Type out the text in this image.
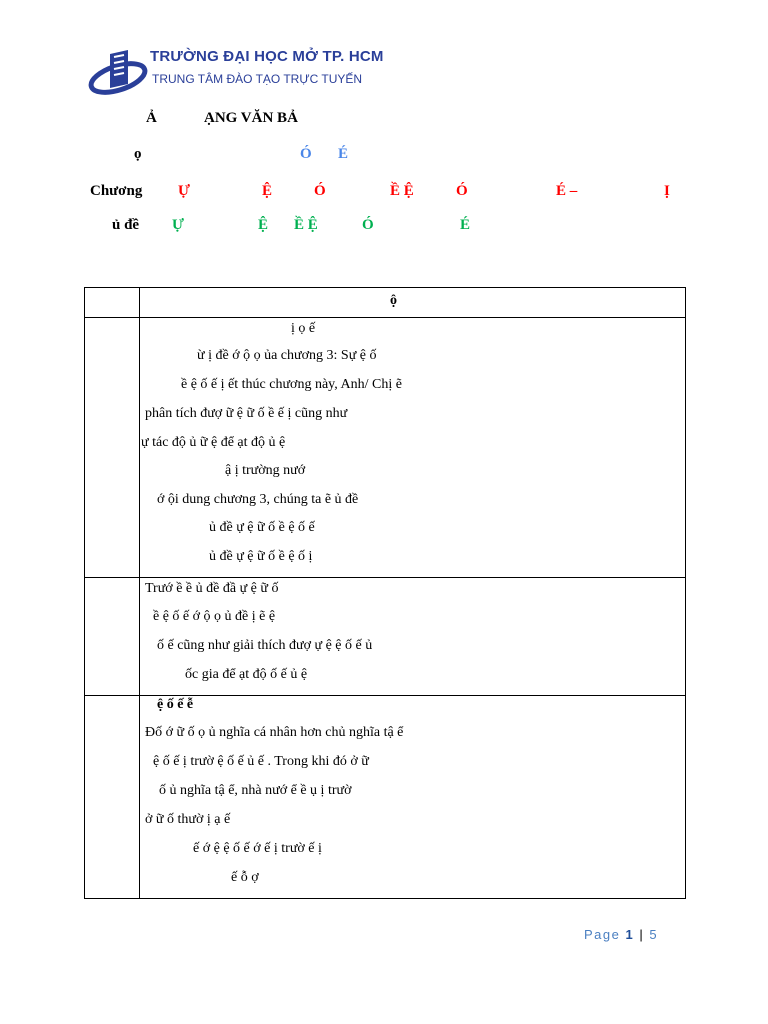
TRƯỜNG ĐẠI HỌC MỞ TP. HCM
TRUNG TÂM ĐÀO TẠO TRỰC TUYẾN
Ả	ẠNG VĂN BẢ
ọ	Ó É
Chương Ự	Ệ	Ó	Ề Ệ	Ó	É –	Ị
ủ đề Ự	Ệ Ề Ệ	Ó	É
ộ
ị ọ ế
ừ ị đề ớ ộ ọ ủa chương 3: Sự ệ ố
ề ệ ố ế ị ết thúc chương này, Anh/ Chị ẽ
phân tích đượ ữ ệ ữ ố ề ế ị cũng như
ự tác độ ủ ữ ệ để ạt độ ủ ệ
ậ ị trường nướ
ớ ội dung chương 3, chúng ta ẽ ủ đề
ủ đề ự ệ ữ ố ề ệ ố ế
ủ đề ự ệ ữ ố ề ệ ố ị
Trướ ề ề ủ đề đầ ự ệ ữ ố
ề ệ ố ế ớ ộ ọ ủ đề ị ẽ ệ
ố ế cũng như giải thích đượ ự ệ ệ ố ế ủ
ốc gia để ạt độ ố ế ủ ệ
ệ ố ế ễ
Đố ớ ữ ố ọ ủ nghĩa cá nhân hơn chủ nghĩa tậ ể
ệ ố ế ị trườ ệ ố ế ủ ế . Trong khi đó ở ữ
ố ủ nghĩa tậ ể, nhà nướ ể ề ụ ị trườ
ở ữ ố thườ ị ạ ế
ế ớ ệ ệ ố ế ớ ế ị trườ ế ị
ế ỗ ợ
Page 1 | 5
